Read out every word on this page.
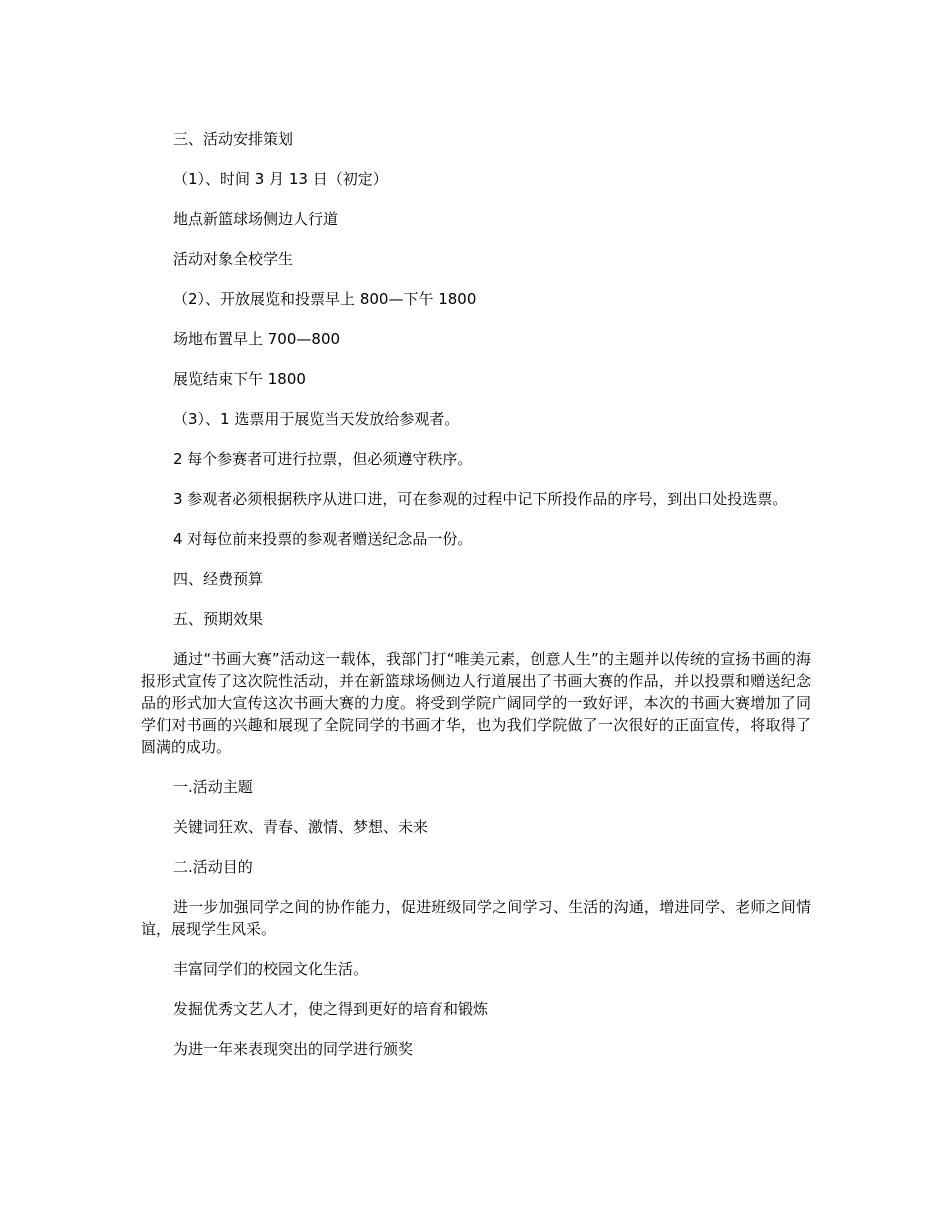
三、活动安排策划

（1）、时间 3 月 13 日（初定）

地点新篮球场侧边人行道

活动对象全校学生

（2）、开放展览和投票早上 800—下午 1800

场地布置早上 700—800

展览结束下午 1800

（3）、1 选票用于展览当天发放给参观者。

2 每个参赛者可进行拉票，但必须遵守秩序。

3 参观者必须根据秩序从进口进，可在参观的过程中记下所投作品的序号，到出口处投选票。

4 对每位前来投票的参观者赠送纪念品一份。

四、经费预算

五、预期效果

通过“书画大赛”活动这一载体，我部门打“唯美元素，创意人生”的主题并以传统的宣扬书画的海报形式宣传了这次院性活动，并在新篮球场侧边人行道展出了书画大赛的作品，并以投票和赠送纪念品的形式加大宣传这次书画大赛的力度。将受到学院广阔同学的一致好评，本次的书画大赛增加了同学们对书画的兴趣和展现了全院同学的书画才华，也为我们学院做了一次很好的正面宣传，将取得了圆满的成功。

一.活动主题

关键词狂欢、青春、激情、梦想、未来

二.活动目的

进一步加强同学之间的协作能力，促进班级同学之间学习、生活的沟通，增进同学、老师之间情谊，展现学生风采。

丰富同学们的校园文化生活。

发掘优秀文艺人才，使之得到更好的培育和锻炼

为进一年来表现突出的同学进行颁奖
